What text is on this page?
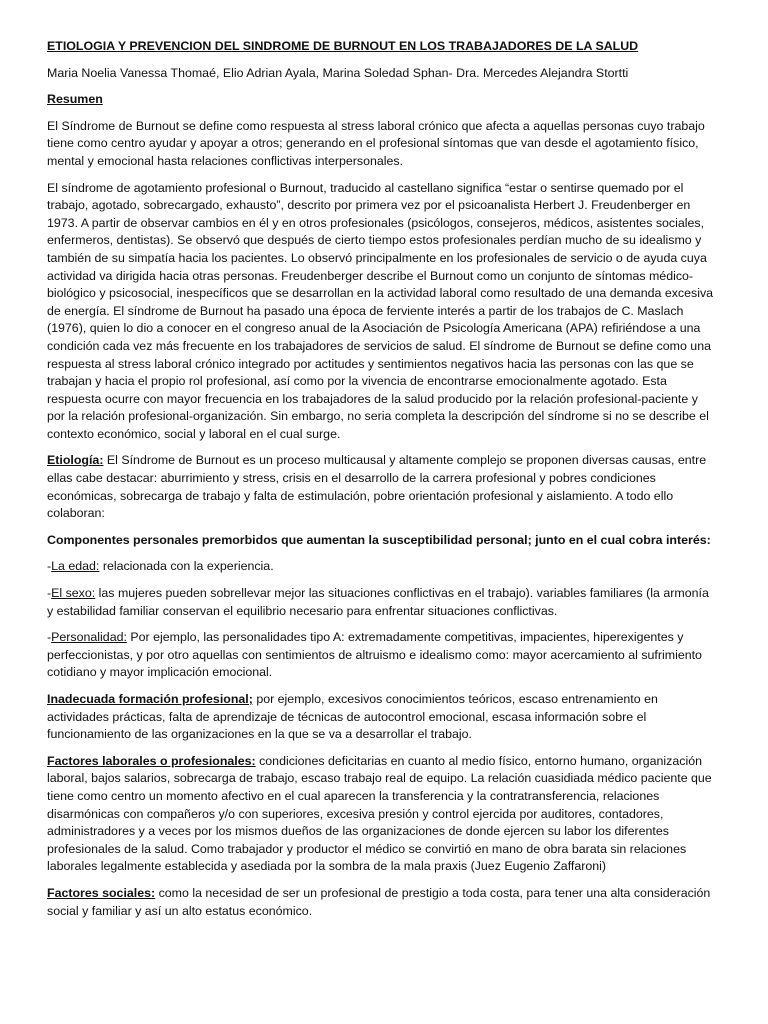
ETIOLOGIA Y PREVENCION DEL SINDROME DE BURNOUT EN LOS TRABAJADORES DE LA SALUD

Maria Noelia Vanessa Thomaé, Elio Adrian Ayala, Marina Soledad Sphan- Dra. Mercedes Alejandra Stortti

Resumen

El Síndrome de Burnout se define como respuesta al stress laboral crónico que afecta a aquellas personas cuyo trabajo tiene como centro ayudar y apoyar a otros; generando en el profesional síntomas que van desde el agotamiento físico, mental y emocional hasta relaciones conflictivas interpersonales.

El síndrome de agotamiento profesional o Burnout, traducido al castellano significa “estar o sentirse quemado por el trabajo, agotado, sobrecargado, exhausto”, descrito por primera vez por el psicoanalista Herbert J. Freudenberger en 1973. A partir de observar cambios en él y en otros profesionales (psicólogos, consejeros, médicos, asistentes sociales, enfermeros, dentistas). Se observó que después de cierto tiempo estos profesionales perdían mucho de su idealismo y también de su simpatía hacia los pacientes. Lo observó principalmente en los profesionales de servicio o de ayuda cuya actividad va dirigida hacia otras personas. Freudenberger describe el Burnout como un conjunto de síntomas médico-biológico y psicosocial, inespecíficos que se desarrollan en la actividad laboral como resultado de una demanda excesiva de energía. El síndrome de Burnout ha pasado una época de ferviente interés a partir de los trabajos de C. Maslach (1976), quien lo dio a conocer en el congreso anual de la Asociación de Psicología Americana (APA) refiriéndose a una condición cada vez más frecuente en los trabajadores de servicios de salud. El síndrome de Burnout se define como una respuesta al stress laboral crónico integrado por actitudes y sentimientos negativos hacia las personas con las que se trabajan y hacia el propio rol profesional, así como por la vivencia de encontrarse emocionalmente agotado. Esta respuesta ocurre con mayor frecuencia en los trabajadores de la salud producido por la relación profesional-paciente y por la relación profesional-organización. Sin embargo, no seria completa la descripción del síndrome si no se describe el contexto económico, social y laboral en el cual surge.

Etiología: El Síndrome de Burnout es un proceso multicausal y altamente complejo se proponen diversas causas, entre ellas cabe destacar: aburrimiento y stress, crisis en el desarrollo de la carrera profesional y pobres condiciones económicas, sobrecarga de trabajo y falta de estimulación, pobre orientación profesional y aislamiento. A todo ello colaboran:

Componentes personales premorbidos que aumentan la susceptibilidad personal; junto en el cual cobra interés:

-La edad: relacionada con la experiencia.

-El sexo: las mujeres pueden sobrellevar mejor las situaciones conflictivas en el trabajo). variables familiares (la armonía y estabilidad familiar conservan el equilibrio necesario para enfrentar situaciones conflictivas.

-Personalidad: Por ejemplo, las personalidades tipo A: extremadamente competitivas, impacientes, hiperexigentes y perfeccionistas, y por otro aquellas con sentimientos de altruismo e idealismo como: mayor acercamiento al sufrimiento cotidiano y mayor implicación emocional.

Inadecuada formación profesional; por ejemplo, excesivos conocimientos teóricos, escaso entrenamiento en actividades prácticas, falta de aprendizaje de técnicas de autocontrol emocional, escasa información sobre el funcionamiento de las organizaciones en la que se va a desarrollar el trabajo.

Factores laborales o profesionales: condiciones deficitarias en cuanto al medio físico, entorno humano, organización laboral, bajos salarios, sobrecarga de trabajo, escaso trabajo real de equipo. La relación cuasidiada médico paciente que tiene como centro un momento afectivo en el cual aparecen la transferencia y la contratransferencia, relaciones disarmónicas con compañeros y/o con superiores, excesiva presión y control ejercida por auditores, contadores, administradores y a veces por los mismos dueños de las organizaciones de donde ejercen su labor los diferentes profesionales de la salud. Como trabajador y productor el médico se convirtió en mano de obra barata sin relaciones laborales legalmente establecida y asediada por la sombra de la mala praxis (Juez Eugenio Zaffaroni)

Factores sociales: como la necesidad de ser un profesional de prestigio a toda costa, para tener una alta consideración social y familiar y así un alto estatus económico.
